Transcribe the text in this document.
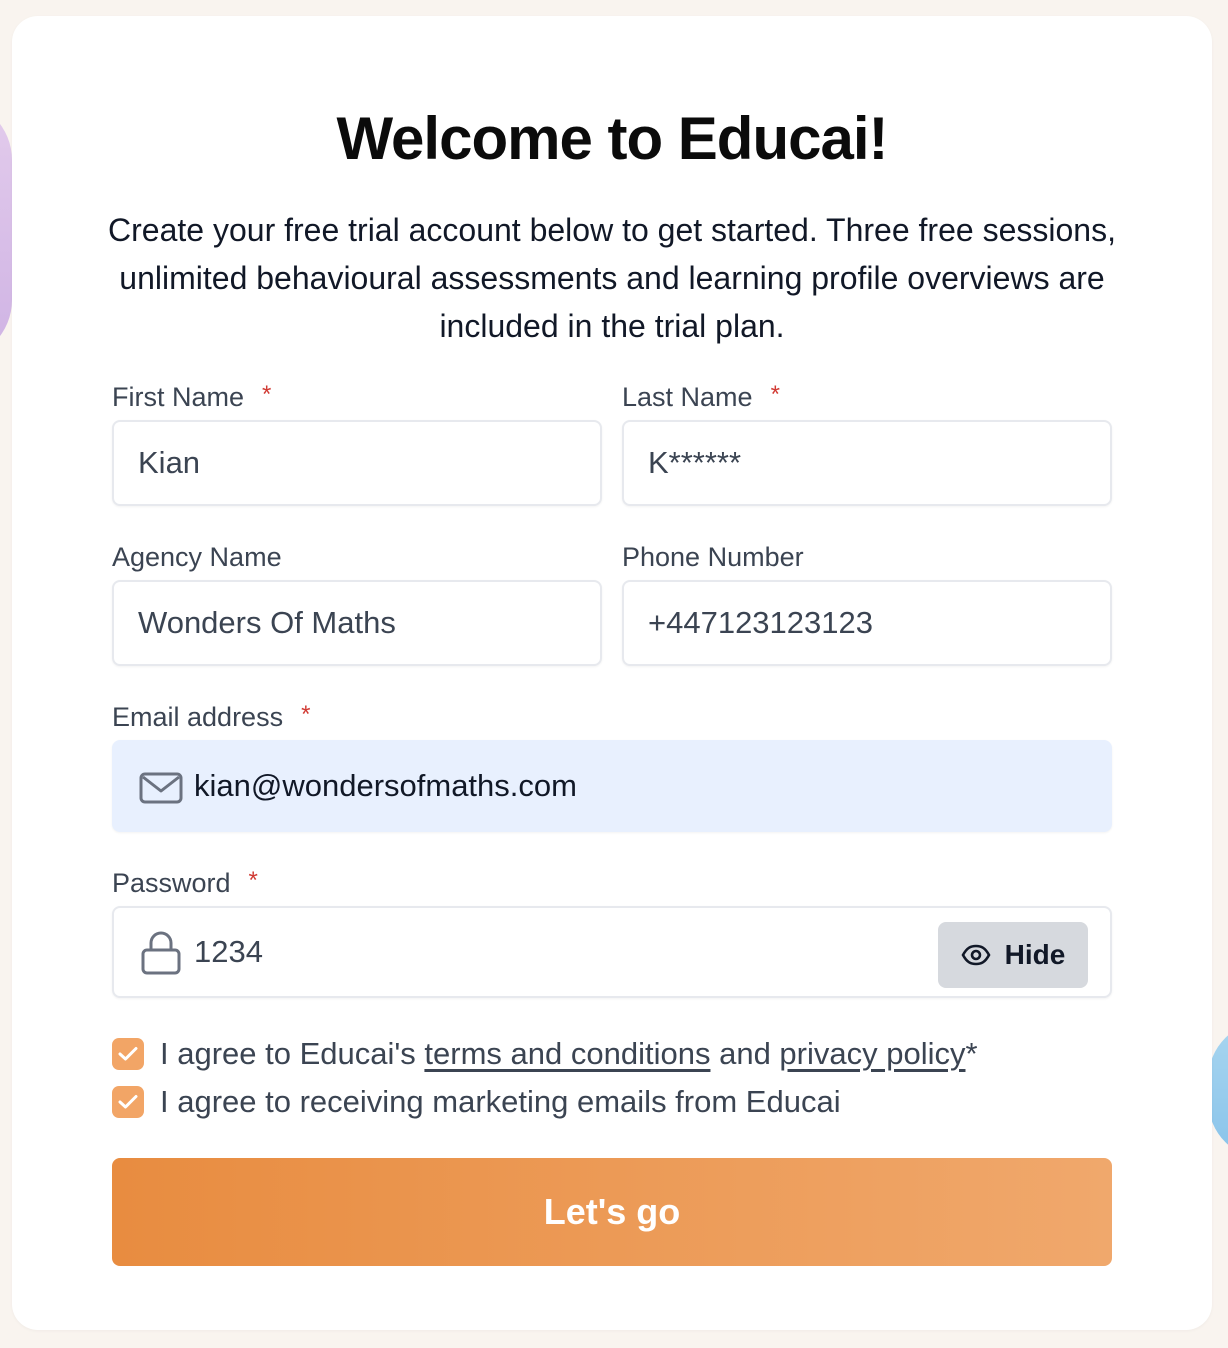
Welcome to Educai!
Create your free trial account below to get started. Three free sessions, unlimited behavioural assessments and learning profile overviews are included in the trial plan.
First Name *
Kian	Last Name *
K******
Agency Name
Wonders Of Maths	Phone Number
+447123123123
Email address *
kian@wondersofmaths.com
Password *
1234
Hide
I agree to Educai's terms and conditions and privacy policy *
I agree to receiving marketing emails from Educai
Let's go
